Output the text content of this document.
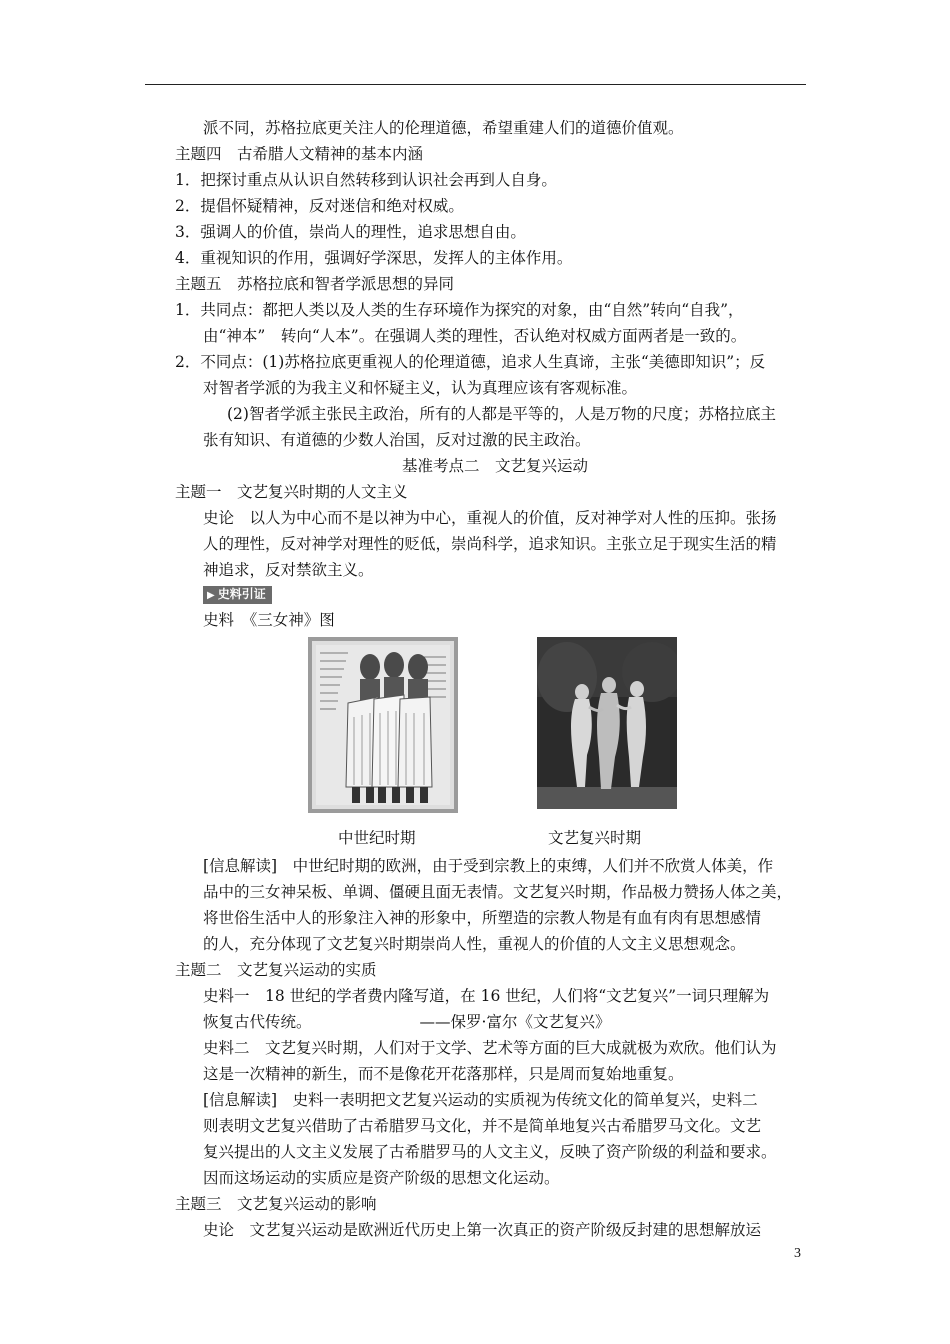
派不同，苏格拉底更关注人的伦理道德，希望重建人们的道德价值观。
主题四　古希腊人文精神的基本内涵
1．把探讨重点从认识自然转移到认识社会再到人自身。
2．提倡怀疑精神，反对迷信和绝对权威。
3．强调人的价值，崇尚人的理性，追求思想自由。
4．重视知识的作用，强调好学深思，发挥人的主体作用。
主题五　苏格拉底和智者学派思想的异同
1．共同点：都把人类以及人类的生存环境作为探究的对象，由“自然”转向“自我”，
由“神本”　转向“人本”。在强调人类的理性，否认绝对权威方面两者是一致的。
2．不同点：(1)苏格拉底更重视人的伦理道德，追求人生真谛，主张“美德即知识”；反
对智者学派的为我主义和怀疑主义，认为真理应该有客观标准。
(2)智者学派主张民主政治，所有的人都是平等的，人是万物的尺度；苏格拉底主
张有知识、有道德的少数人治国，反对过激的民主政治。
基准考点二　文艺复兴运动
主题一　文艺复兴时期的人文主义
史论　以人为中心而不是以神为中心，重视人的价值，反对神学对人性的压抑。张扬
人的理性，反对神学对理性的贬低，崇尚科学，追求知识。主张立足于现实生活的精
神追求，反对禁欲主义。
▶ 史料引证
史料　《三女神》图
中世纪时期	文艺复兴时期
[信息解读]　中世纪时期的欧洲，由于受到宗教上的束缚，人们并不欣赏人体美，作
品中的三女神呆板、单调、僵硬且面无表情。文艺复兴时期，作品极力赞扬人体之美，
将世俗生活中人的形象注入神的形象中，所塑造的宗教人物是有血有肉有思想感情
的人，充分体现了文艺复兴时期崇尚人性，重视人的价值的人文主义思想观念。
主题二　文艺复兴运动的实质
史料一　18 世纪的学者费内隆写道，在 16 世纪，人们将“文艺复兴”一词只理解为
恢复古代传统。	——保罗·富尔《文艺复兴》
史料二　文艺复兴时期，人们对于文学、艺术等方面的巨大成就极为欢欣。他们认为
这是一次精神的新生，而不是像花开花落那样，只是周而复始地重复。
[信息解读]　史料一表明把文艺复兴运动的实质视为传统文化的简单复兴，史料二
则表明文艺复兴借助了古希腊罗马文化，并不是简单地复兴古希腊罗马文化。文艺
复兴提出的人文主义发展了古希腊罗马的人文主义，反映了资产阶级的利益和要求。
因而这场运动的实质应是资产阶级的思想文化运动。
主题三　文艺复兴运动的影响
史论　文艺复兴运动是欧洲近代历史上第一次真正的资产阶级反封建的思想解放运
3
